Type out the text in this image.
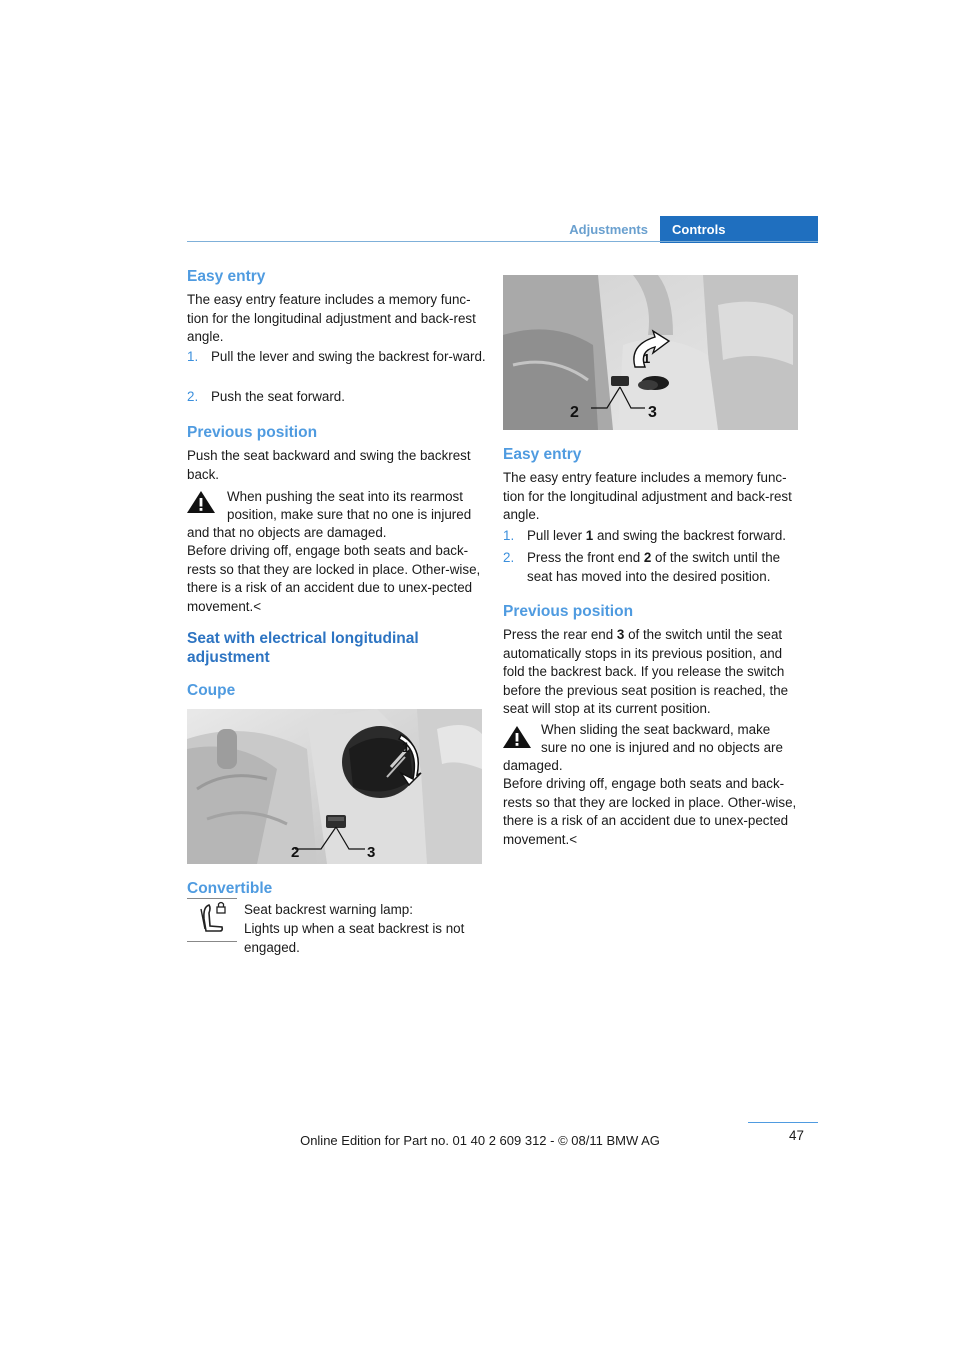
Adjustments Controls
Easy entry

The easy entry feature includes a memory func-tion for the longitudinal adjustment and back-rest angle.

1. Pull the lever and swing the backrest for-ward.
2. Push the seat forward.
Previous position

Push the seat backward and swing the backrest back.

When pushing the seat into its rearmost

position, make sure that no one is injured

and that no objects are damaged.

Before driving off, engage both seats and back-rests so that they are locked in place. Other-wise, there is a risk of an accident due to unex-pected movement.<

Seat with electrical longitudinal adjustment
Coupe
1
2	3
Convertible

Seat backrest warning lamp:

Lights up when a seat backrest is not

engaged.

1
2	3
Easy entry

The easy entry feature includes a memory func-tion for the longitudinal adjustment and back-rest angle.

1. Pull lever 1 and swing the backrest forward.
2. Press the front end 2 of the switch until the seat has moved into the desired position.
Previous position

Press the rear end 3 of the switch until the seat automatically stops in its previous position, and fold the backrest back. If you release the switch before the previous seat position is reached, the seat will stop at its current position.

When sliding the seat backward, make

sure no one is injured and no objects are

damaged.

Before driving off, engage both seats and back-rests so that they are locked in place. Other-wise, there is a risk of an accident due to unex-pected movement.<

47
Online Edition for Part no. 01 40 2 609 312 - © 08/11 BMW AG
